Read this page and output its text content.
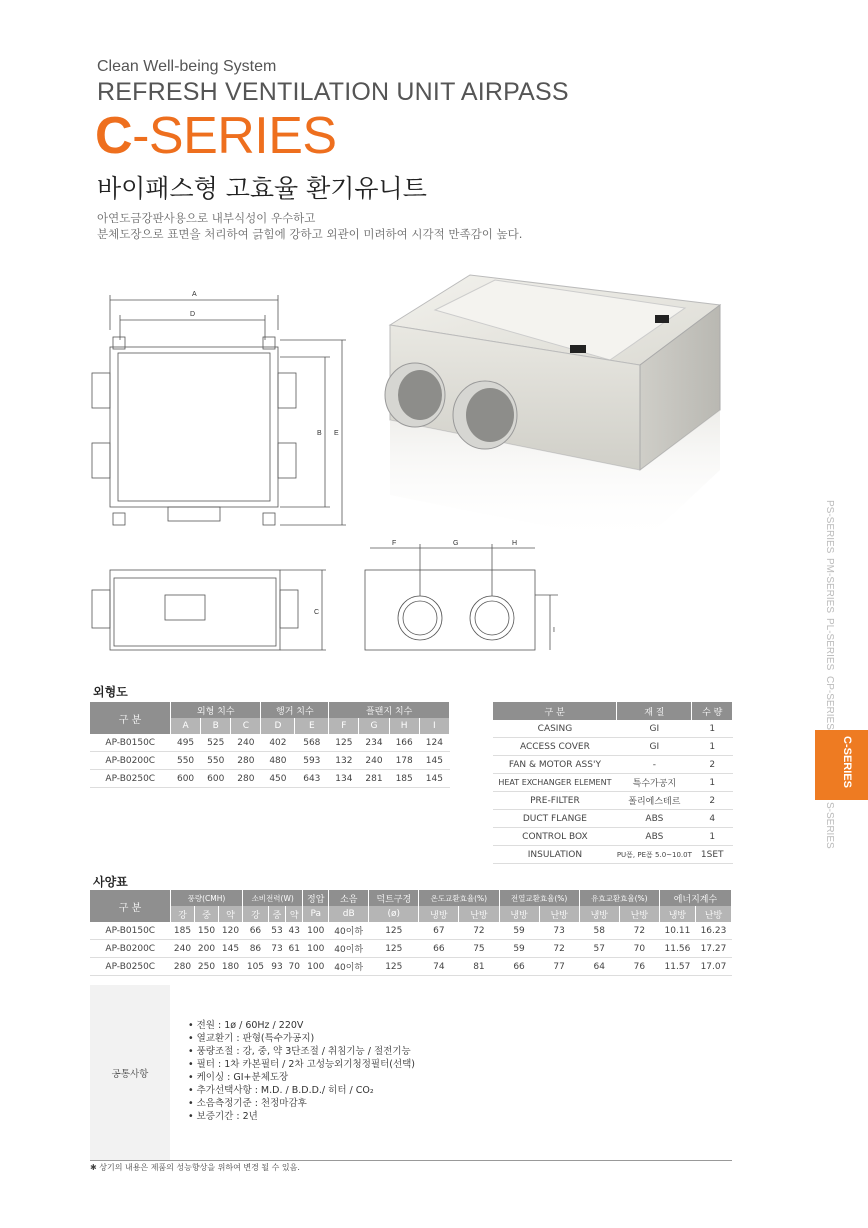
Clean Well-being System
REFRESH VENTILATION UNIT AIRPASS
C-SERIES
바이패스형 고효율 환기유니트
아연도금강판사용으로 내부식성이 우수하고
분체도장으로 표면을 처리하여 긁힘에 강하고 외관이 미려하여 시각적 만족감이 높다.
PS-SERIES
PM-SERIES
PL-SERIES
CP-SERIES
S-SERIES
C-SERIES
A
D
B E
C
F	G	H
I
외형도
구 분	외형 치수			행거 치수		플랜지 치수			
	A	B	C	D	E	F	G	H	I
AP-B0150C	495	525	240	402	568	125	234	166	124
AP-B0200C	550	550	280	480	593	132	240	178	145
AP-B0250C	600	600	280	450	643	134	281	185	145
구 분	재 질	수 량
CASING	GI	1
ACCESS COVER	GI	1
FAN & MOTOR ASS'Y	-	2
HEAT EXCHANGER ELEMENT	특수가공지	1
PRE-FILTER	폴리에스테르	2
DUCT FLANGE	ABS	4
CONTROL BOX	ABS	1
INSULATION	PU폼, PE폼 5.0~10.0T	1SET
사양표
구 분	풍량(CMH)			소비전력(W)			정압	소음	덕트구경	온도교환효율(%)		전열교환효율(%)		유효교환효율(%)		에너지계수	
	강	중	약	강	중	약	Pa	dB	(ø)	냉방	난방	냉방	난방	냉방	난방	냉방	난방
AP-B0150C	185	150	120	66	53	43	100	40이하	125	67	72	59	73	58	72	10.11	16.23
AP-B0200C	240	200	145	86	73	61	100	40이하	125	66	75	59	72	57	70	11.56	17.27
AP-B0250C	280	250	180	105	93	70	100	40이하	125	74	81	66	77	64	76	11.57	17.07
공통사항
• 전원 : 1ø / 60Hz / 220V
• 열교환기 : 판형(특수가공지)
• 풍량조절 : 강, 중, 약 3단조절 / 취침기능 / 절전기능
• 필터 : 1차 카본필터 / 2차 고성능외기청정필터(선택)
• 케이싱 : GI+분체도장
• 추가선택사항 : M.D. / B.D.D./ 히터 / CO₂
• 소음측정기준 : 천정마감후
• 보증기간 : 2년
✱ 상기의 내용은 제품의 성능향상을 위하여 변경 될 수 있음.
